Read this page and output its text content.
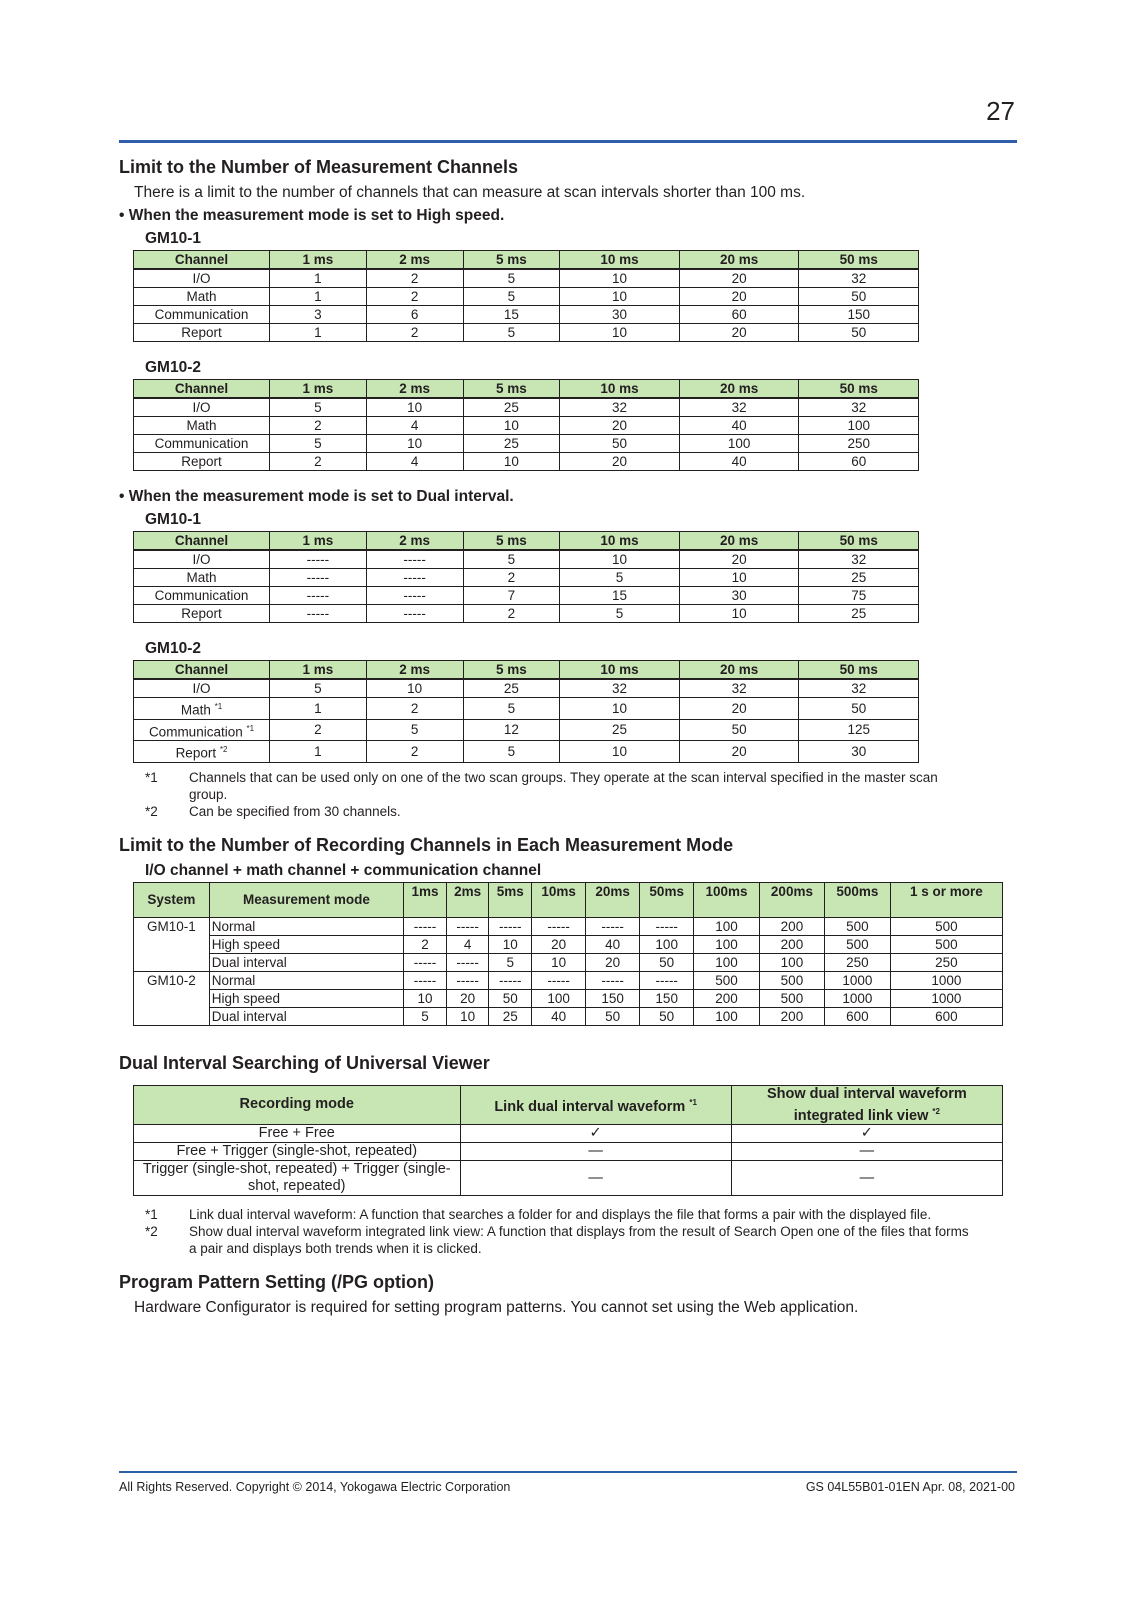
27
Limit to the Number of Measurement Channels

There is a limit to the number of channels that can measure at scan intervals shorter than 100 ms.

• When the measurement mode is set to High speed.
GM10-1
Channel	1 ms	2 ms	5 ms	10 ms	20 ms	50 ms
I/O	1	2	5	10	20	32
Math	1	2	5	10	20	50
Communication	3	6	15	30	60	150
Report	1	2	5	10	20	50
GM10-2
Channel	1 ms	2 ms	5 ms	10 ms	20 ms	50 ms
I/O	5	10	25	32	32	32
Math	2	4	10	20	40	100
Communication	5	10	25	50	100	250
Report	2	4	10	20	40	60
• When the measurement mode is set to Dual interval.
GM10-1
Channel	1 ms	2 ms	5 ms	10 ms	20 ms	50 ms
I/O	-----	-----	5	10	20	32
Math	-----	-----	2	5	10	25
Communication	-----	-----	7	15	30	75
Report	-----	-----	2	5	10	25
GM10-2
Channel	1 ms	2 ms	5 ms	10 ms	20 ms	50 ms
I/O	5	10	25	32	32	32
Math $^{*1}$	1	2	5	10	20	50
Communication $^{*1}$	2	5	12	25	50	125
Report $^{*2}$	1	2	5	10	20	30
*1	Channels that can be used only on one of the two scan groups. They operate at the scan interval specified in the master scan group.
*2	Can be specified from 30 channels.
Limit to the Number of Recording Channels in Each Measurement Mode
I/O channel + math channel + communication channel
System	Measurement mode	1ms	2ms	5ms	10ms	20ms	50ms	100ms	200ms	500ms	1 s or more
GM10-1	Normal	-----	-----	-----	-----	-----	-----	100	200	500	500
	High speed	2	4	10	20	40	100	100	200	500	500
	Dual interval	-----	-----	5	10	20	50	100	100	250	250
GM10-2	Normal	-----	-----	-----	-----	-----	-----	500	500	1000	1000
	High speed	10	20	50	100	150	150	200	500	1000	1000
	Dual interval	5	10	25	40	50	50	100	200	600	600
Dual Interval Searching of Universal Viewer
Recording mode	Link dual interval waveform $^{*1}$	Show dual interval waveform integrated link view $^{*2}$
Free + Free	✓	✓
Free + Trigger (single-shot, repeated)	—	—
Trigger (single-shot, repeated) + Trigger (single-shot, repeated)	—	—
*1	Link dual interval waveform: A function that searches a folder for and displays the file that forms a pair with the displayed file.
*2	Show dual interval waveform integrated link view: A function that displays from the result of Search Open one of the files that forms a pair and displays both trends when it is clicked.
Program Pattern Setting (/PG option)

Hardware Configurator is required for setting program patterns. You cannot set using the Web application.

All Rights Reserved. Copyright © 2014, Yokogawa Electric Corporation	GS 04L55B01-01EN Apr. 08, 2021-00
